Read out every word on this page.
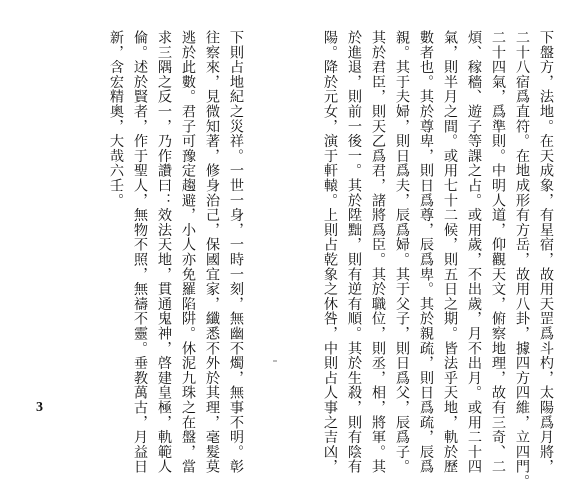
下盤方，法地。在天成象，有星宿，故用天罡爲斗杓，太陽爲月將，
二十八宿爲直符。在地成形有方岳，故用八卦，據四方四維，立四門。
二十四氣，爲準則。中明人道，仰觀天文，俯察地理，故有三奇、二
煩、稼穡、遊子等課之占。或用歲，不出歲，月不出月。或用二十四
氣，則半月之間。或用七十二候，則五日之期。皆法乎天地，軌於歷
數者也。其於尊卑，則日爲尊，辰爲卑。其於親疏，則日爲疏，辰爲
親。其于夫婦，則日爲夫，辰爲婦。其于父子，則日爲父，辰爲子。
其於君臣，則天乙爲君，諸將爲臣。其於職位，則丞，相，將軍。其
於進退，則前一後一。其於陞黜，則有逆有順。其於生殺，則有陰有
陽。降於元女，演于軒轅。上則占乾象之休咎，中則占人事之吉凶，
下則占地紀之災祥。一世一身，一時一刻，無幽不燭，無事不明。彰
往察來，見微知著，修身治己，保國宜家，纖悉不外於其理，毫髮莫
逃於此數。君子可豫定趨避，小人亦免羅陷阱。休泥九珠之在盤，當
求三隅之反一，乃作讚曰：效法天地，貫通鬼神，啓建皇極，軌範人
倫。述於賢者，作于聖人，無物不照，無禱不靈。垂教萬古，月益日
新，含宏精奧，大哉六壬。
3
